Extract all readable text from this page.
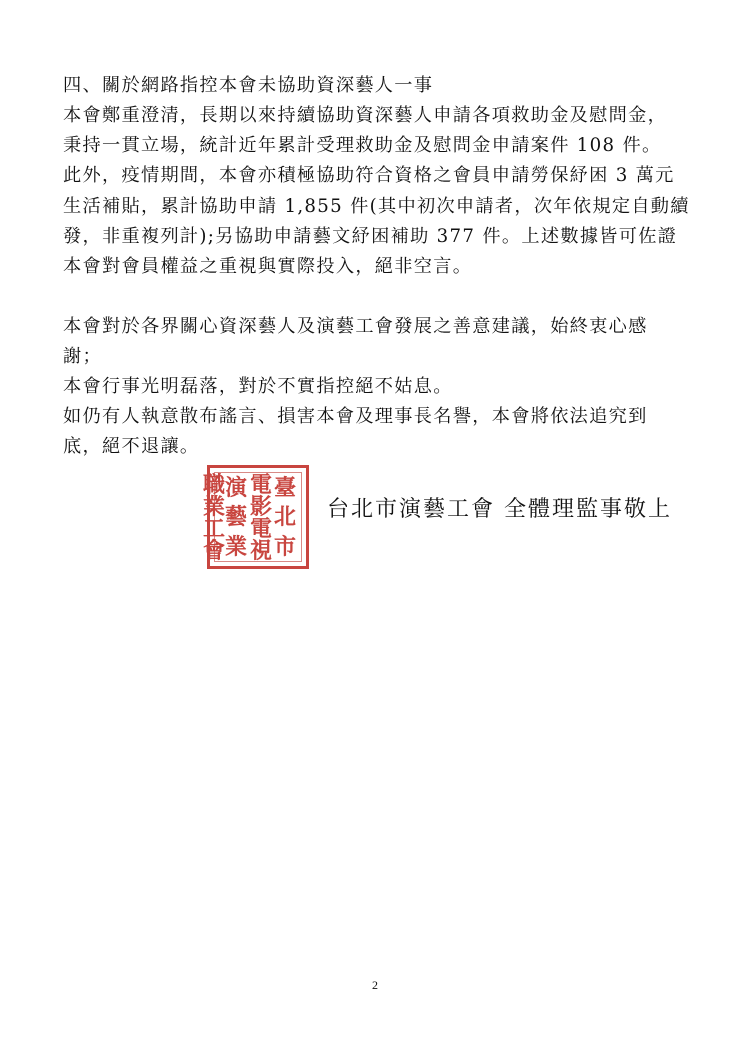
四、關於網路指控本會未協助資深藝人一事
本會鄭重澄清，長期以來持續協助資深藝人申請各項救助金及慰問金，
秉持一貫立場，統計近年累計受理救助金及慰問金申請案件 108 件。
此外，疫情期間，本會亦積極協助符合資格之會員申請勞保紓困 3 萬元
生活補貼，累計協助申請 1,855 件(其中初次申請者，次年依規定自動續
發，非重複列計);另協助申請藝文紓困補助 377 件。上述數據皆可佐證
本會對會員權益之重視與實際投入，絕非空言。
本會對於各界關心資深藝人及演藝工會發展之善意建議，始終衷心感
謝；
本會行事光明磊落，對於不實指控絕不姑息。
如仍有人執意散布謠言、損害本會及理事長名譽，本會將依法追究到
底，絕不退讓。
臺
北
市
電
影
電
視
演
藝
業
職
業
工
會
台北市演藝工會 全體理監事敬上
2
